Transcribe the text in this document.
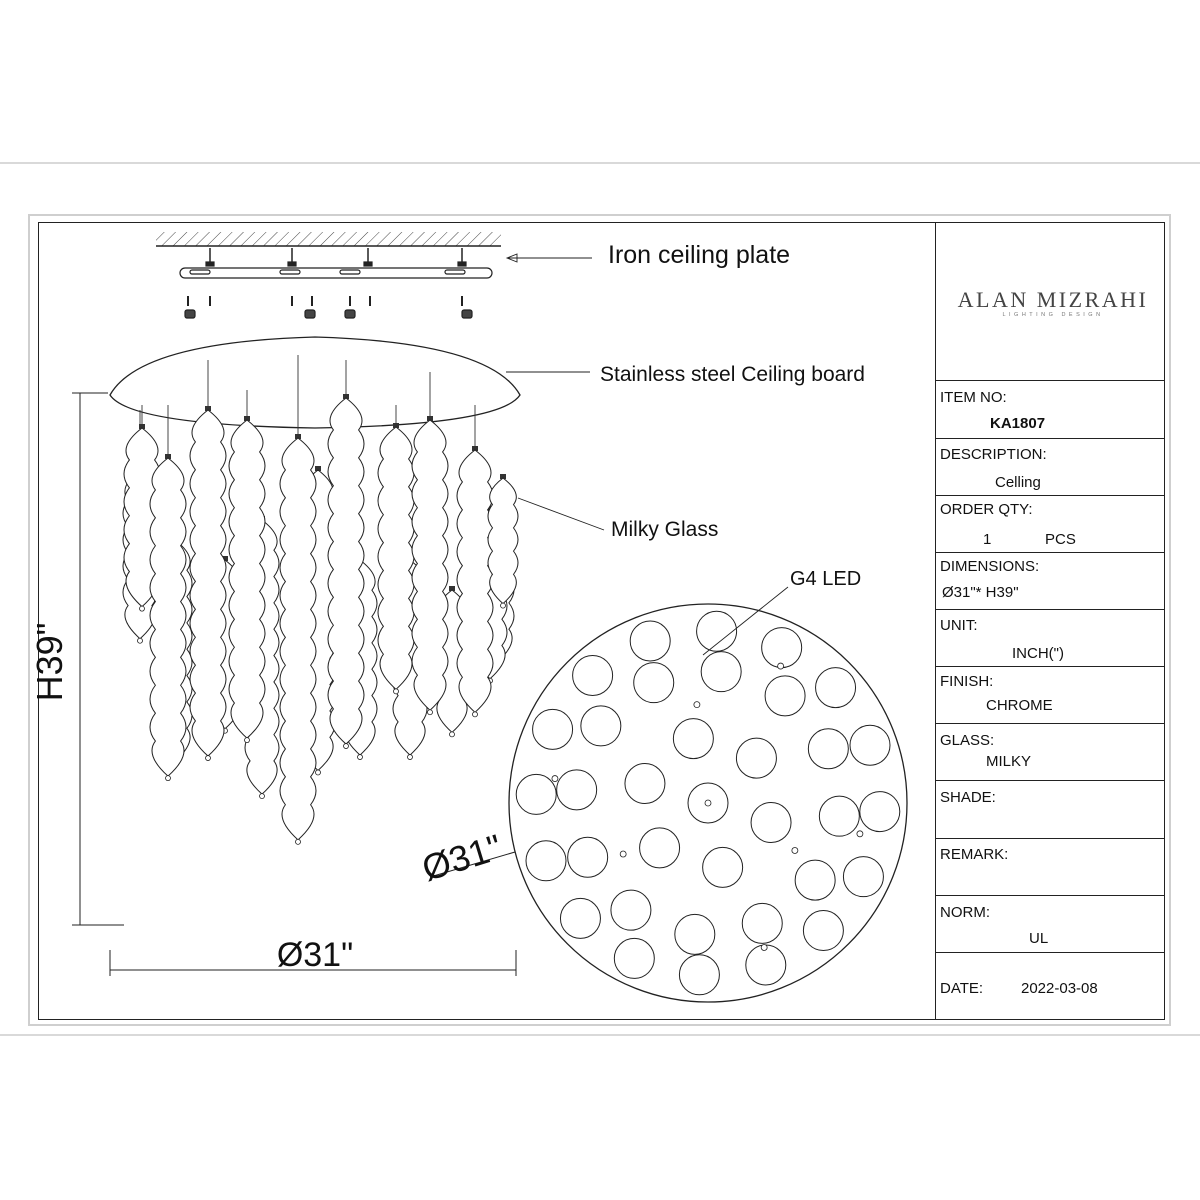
H39"
Ø31"
Ø31"
Iron ceiling plate
Stainless steel Ceiling board
Milky Glass
G4 LED
ALAN MIZRAHI
LIGHTING DESIGN
ITEM NO:
KA1807
DESCRIPTION:
Celling
ORDER QTY:
1	PCS
DIMENSIONS:
Ø31"* H39"
UNIT:
INCH(")
FINISH:
CHROME
GLASS:
MILKY
SHADE:
REMARK:
NORM:
UL
DATE:	2022-03-08
